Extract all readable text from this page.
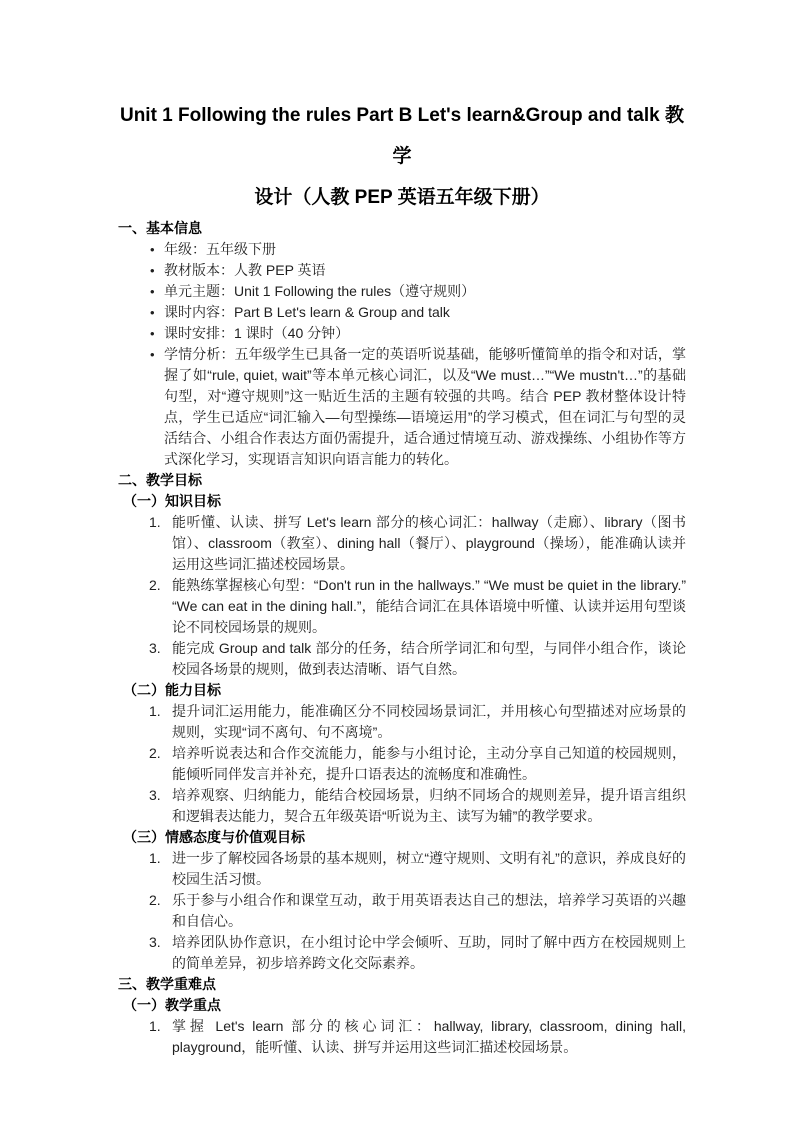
Unit 1 Following the rules Part B Let's learn&Group and talk 教学
设计（人教 PEP 英语五年级下册）
一、基本信息
• 年级：五年级下册
• 教材版本：人教 PEP 英语
• 单元主题：Unit 1 Following the rules（遵守规则）
• 课时内容：Part B Let's learn & Group and talk
• 课时安排：1 课时（40 分钟）
• 学情分析：五年级学生已具备一定的英语听说基础，能够听懂简单的指令和对话，掌握了如“rule, quiet, wait”等本单元核心词汇，以及“We must…”“We mustn't…”的基础句型，对“遵守规则”这一贴近生活的主题有较强的共鸣。结合 PEP 教材整体设计特点，学生已适应“词汇输入—句型操练—语境运用”的学习模式，但在词汇与句型的灵活结合、小组合作表达方面仍需提升，适合通过情境互动、游戏操练、小组协作等方式深化学习，实现语言知识向语言能力的转化。
二、教学目标
（一）知识目标
1. 能听懂、认读、拼写 Let's learn 部分的核心词汇：hallway（走廊）、library（图书馆）、classroom（教室）、dining hall（餐厅）、playground（操场），能准确认读并运用这些词汇描述校园场景。
2. 能熟练掌握核心句型：“Don't run in the hallways.” “We must be quiet in the library.” “We can eat in the dining hall.”，能结合词汇在具体语境中听懂、认读并运用句型谈论不同校园场景的规则。
3. 能完成 Group and talk 部分的任务，结合所学词汇和句型，与同伴小组合作，谈论校园各场景的规则，做到表达清晰、语气自然。
（二）能力目标
1. 提升词汇运用能力，能准确区分不同校园场景词汇，并用核心句型描述对应场景的规则，实现“词不离句、句不离境”。
2. 培养听说表达和合作交流能力，能参与小组讨论，主动分享自己知道的校园规则，能倾听同伴发言并补充，提升口语表达的流畅度和准确性。
3. 培养观察、归纳能力，能结合校园场景，归纳不同场合的规则差异，提升语言组织和逻辑表达能力，契合五年级英语“听说为主、读写为辅”的教学要求。
（三）情感态度与价值观目标
1. 进一步了解校园各场景的基本规则，树立“遵守规则、文明有礼”的意识，养成良好的校园生活习惯。
2. 乐于参与小组合作和课堂互动，敢于用英语表达自己的想法，培养学习英语的兴趣和自信心。
3. 培养团队协作意识，在小组讨论中学会倾听、互助，同时了解中西方在校园规则上的简单差异，初步培养跨文化交际素养。
三、教学重难点
（一）教学重点
1. 掌握 Let's learn 部分的核心词汇：hallway, library, classroom, dining hall, playground，能听懂、认读、拼写并运用这些词汇描述校园场景。
